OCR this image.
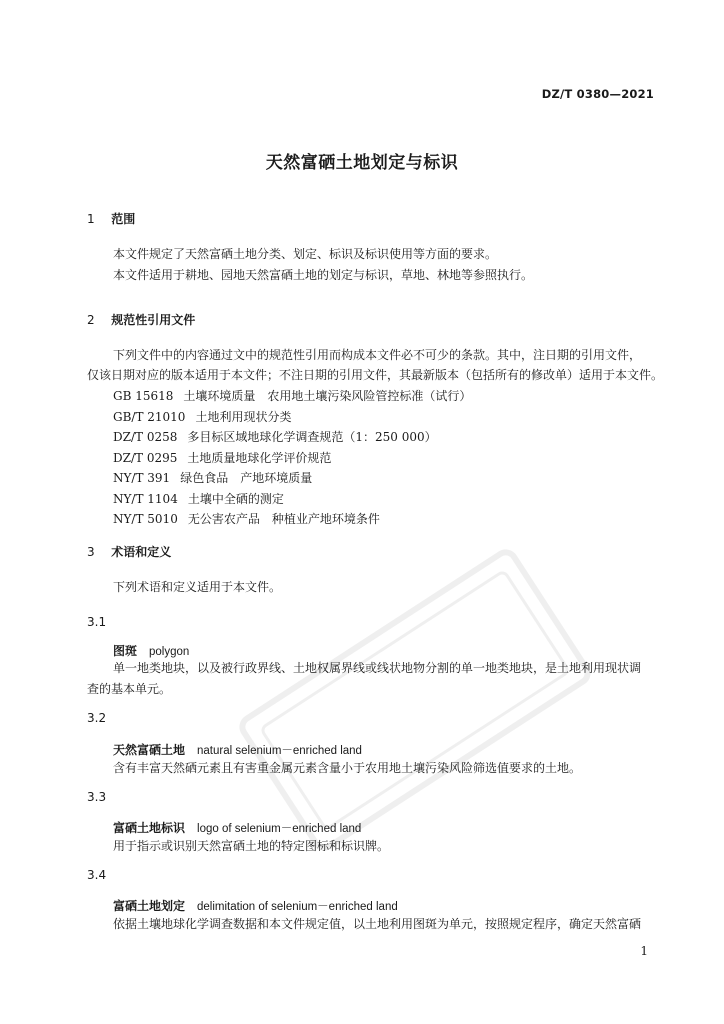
DZ/T 0380—2021
天然富硒土地划定与标识
1 范围
本文件规定了天然富硒土地分类、划定、标识及标识使用等方面的要求。
本文件适用于耕地、园地天然富硒土地的划定与标识，草地、林地等参照执行。
2 规范性引用文件
下列文件中的内容通过文中的规范性引用而构成本文件必不可少的条款。其中，注日期的引用文件，
仅该日期对应的版本适用于本文件；不注日期的引用文件，其最新版本（包括所有的修改单）适用于本文件。
GB 15618 土壤环境质量　农用地土壤污染风险管控标准（试行）
GB/T 21010 土地利用现状分类
DZ/T 0258 多目标区域地球化学调查规范（1：250 000）
DZ/T 0295 土地质量地球化学评价规范
NY/T 391 绿色食品　产地环境质量
NY/T 1104 土壤中全硒的测定
NY/T 5010 无公害农产品　种植业产地环境条件
3 术语和定义
下列术语和定义适用于本文件。
3.1
图斑 polygon
单一地类地块，以及被行政界线、土地权属界线或线状地物分割的单一地类地块，是土地利用现状调
查的基本单元。
3.2
天然富硒土地 natural selenium－enriched land
含有丰富天然硒元素且有害重金属元素含量小于农用地土壤污染风险筛选值要求的土地。
3.3
富硒土地标识 logo of selenium－enriched land
用于指示或识别天然富硒土地的特定图标和标识牌。
3.4
富硒土地划定 delimitation of selenium－enriched land
依据土壤地球化学调查数据和本文件规定值，以土地利用图斑为单元，按照规定程序，确定天然富硒
1
